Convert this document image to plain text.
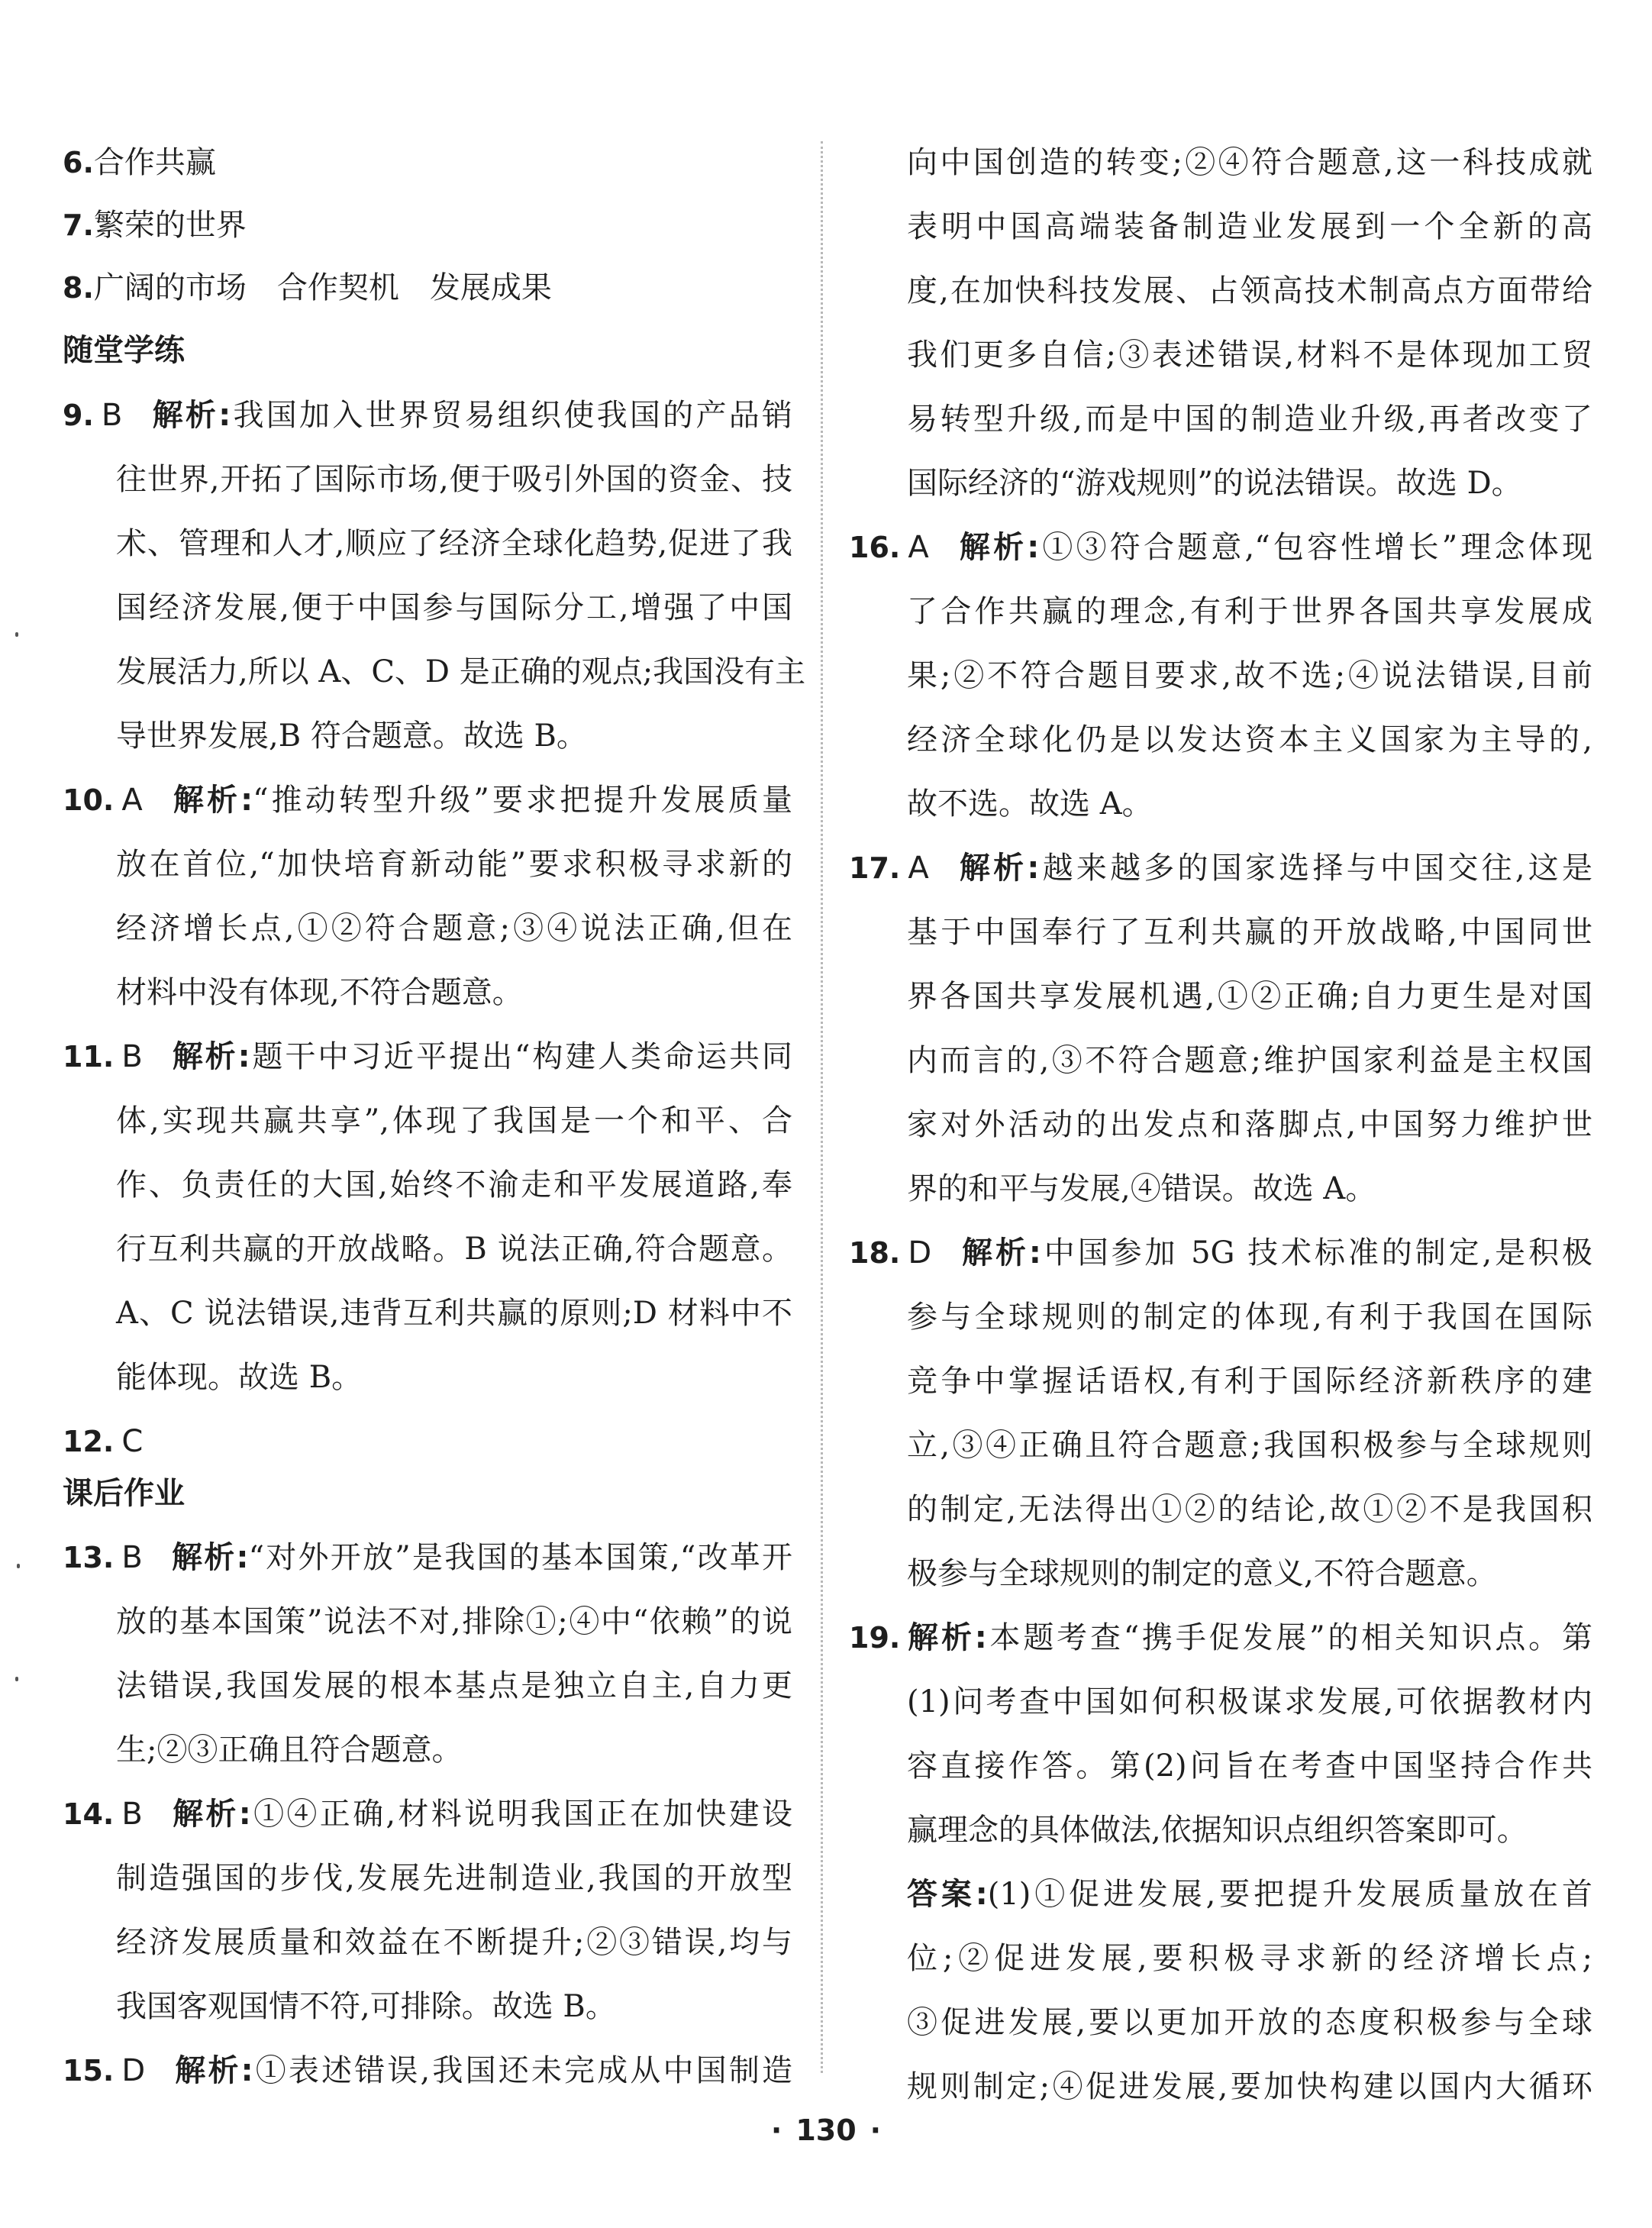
6.合作共赢
7.繁荣的世界
8.广阔的市场　合作契机　发展成果
随堂学练
9. B 解析:我国加入世界贸易组织使我国的产品销
往世界,开拓了国际市场,便于吸引外国的资金、技
术、管理和人才,顺应了经济全球化趋势,促进了我
国经济发展,便于中国参与国际分工,增强了中国
发展活力,所以 A、C、D 是正确的观点;我国没有主
导世界发展,B 符合题意。故选 B。
10. A 解析:“推动转型升级”要求把提升发展质量
放在首位,“加快培育新动能”要求积极寻求新的
经济增长点,①②符合题意;③④说法正确,但在
材料中没有体现,不符合题意。
11. B 解析:题干中习近平提出“构建人类命运共同
体,实现共赢共享”,体现了我国是一个和平、合
作、负责任的大国,始终不渝走和平发展道路,奉
行互利共赢的开放战略。B 说法正确,符合题意。
A、C 说法错误,违背互利共赢的原则;D 材料中不
能体现。故选 B。
12. C
课后作业
13. B 解析:“对外开放”是我国的基本国策,“改革开
放的基本国策”说法不对,排除①;④中“依赖”的说
法错误,我国发展的根本基点是独立自主,自力更
生;②③正确且符合题意。
14. B 解析:①④正确,材料说明我国正在加快建设
制造强国的步伐,发展先进制造业,我国的开放型
经济发展质量和效益在不断提升;②③错误,均与
我国客观国情不符,可排除。故选 B。
15. D 解析:①表述错误,我国还未完成从中国制造
向中国创造的转变;②④符合题意,这一科技成就
表明中国高端装备制造业发展到一个全新的高
度,在加快科技发展、占领高技术制高点方面带给
我们更多自信;③表述错误,材料不是体现加工贸
易转型升级,而是中国的制造业升级,再者改变了
国际经济的“游戏规则”的说法错误。故选 D。
16. A 解析:①③符合题意,“包容性增长”理念体现
了合作共赢的理念,有利于世界各国共享发展成
果;②不符合题目要求,故不选;④说法错误,目前
经济全球化仍是以发达资本主义国家为主导的,
故不选。故选 A。
17. A 解析:越来越多的国家选择与中国交往,这是
基于中国奉行了互利共赢的开放战略,中国同世
界各国共享发展机遇,①②正确;自力更生是对国
内而言的,③不符合题意;维护国家利益是主权国
家对外活动的出发点和落脚点,中国努力维护世
界的和平与发展,④错误。故选 A。
18. D 解析:中国参加 5G 技术标准的制定,是积极
参与全球规则的制定的体现,有利于我国在国际
竞争中掌握话语权,有利于国际经济新秩序的建
立,③④正确且符合题意;我国积极参与全球规则
的制定,无法得出①②的结论,故①②不是我国积
极参与全球规则的制定的意义,不符合题意。
19. 解析:本题考查“携手促发展”的相关知识点。第
(1)问考查中国如何积极谋求发展,可依据教材内
容直接作答。第(2)问旨在考查中国坚持合作共
赢理念的具体做法,依据知识点组织答案即可。
答案:(1)①促进发展,要把提升发展质量放在首
位;②促进发展,要积极寻求新的经济增长点;
③促进发展,要以更加开放的态度积极参与全球
规则制定;④促进发展,要加快构建以国内大循环
· 130 ·
